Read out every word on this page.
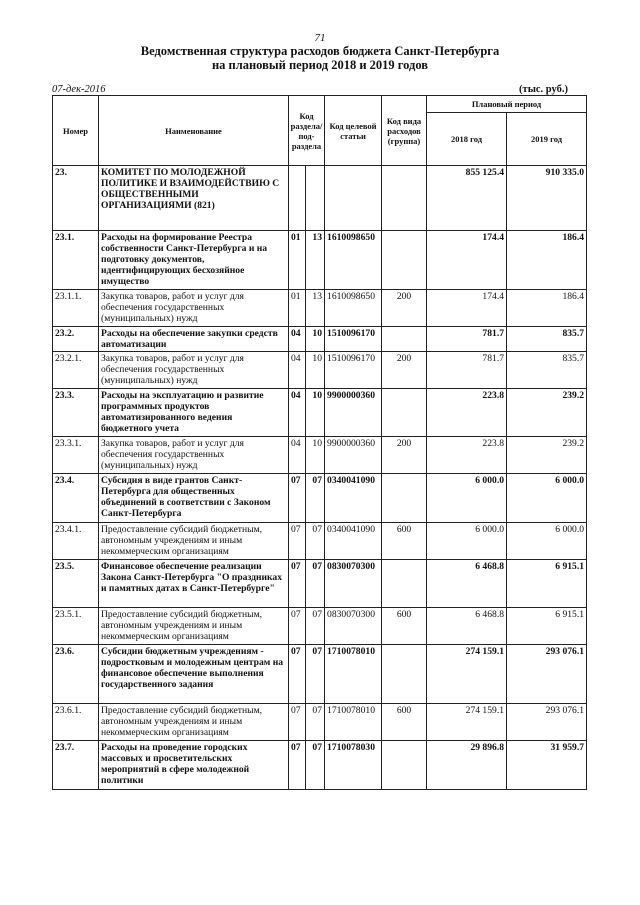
71
Ведомственная структура расходов бюджета Санкт-Петербурга
на плановый период 2018 и 2019 годов
07-дек-2016	(тыс. руб.)
Номер	Наименование	Код раздела/ под- раздела		Код целевой статьи	Код вида расходов (группа)	Плановый период	
						2018 год	2019 год
23.	КОМИТЕТ ПО МОЛОДЕЖНОЙ ПОЛИТИКЕ И ВЗАИМОДЕЙСТВИЮ С ОБЩЕСТВЕННЫМИ ОРГАНИЗАЦИЯМИ (821)					855 125.4	910 335.0
23.1.	Расходы на формирование Реестра собственности Санкт-Петербурга и на подготовку документов, идентифицирующих бесхозяйное имущество	01	13	1610098650		174.4	186.4
23.1.1.	Закупка товаров, работ и услуг для обеспечения государственных (муниципальных) нужд	01	13	1610098650	200	174.4	186.4
23.2.	Расходы на обеспечение закупки средств автоматизации	04	10	1510096170		781.7	835.7
23.2.1.	Закупка товаров, работ и услуг для обеспечения государственных (муниципальных) нужд	04	10	1510096170	200	781.7	835.7
23.3.	Расходы на эксплуатацию и развитие программных продуктов автоматизированного ведения бюджетного учета	04	10	9900000360		223.8	239.2
23.3.1.	Закупка товаров, работ и услуг для обеспечения государственных (муниципальных) нужд	04	10	9900000360	200	223.8	239.2
23.4.	Субсидия в виде грантов Санкт-Петербурга для общественных объединений в соответствии с Законом Санкт-Петербурга	07	07	0340041090		6 000.0	6 000.0
23.4.1.	Предоставление субсидий бюджетным, автономным учреждениям и иным некоммерческим организациям	07	07	0340041090	600	6 000.0	6 000.0
23.5.	Финансовое обеспечение реализации Закона Санкт-Петербурга "О праздниках и памятных датах в Санкт-Петербурге"	07	07	0830070300		6 468.8	6 915.1
23.5.1.	Предоставление субсидий бюджетным, автономным учреждениям и иным некоммерческим организациям	07	07	0830070300	600	6 468.8	6 915.1
23.6.	Субсидии бюджетным учреждениям - подростковым и молодежным центрам на финансовое обеспечение выполнения государственного задания	07	07	1710078010		274 159.1	293 076.1
23.6.1.	Предоставление субсидий бюджетным, автономным учреждениям и иным некоммерческим организациям	07	07	1710078010	600	274 159.1	293 076.1
23.7.	Расходы на проведение городских массовых и просветительских мероприятий в сфере молодежной политики	07	07	1710078030		29 896.8	31 959.7
